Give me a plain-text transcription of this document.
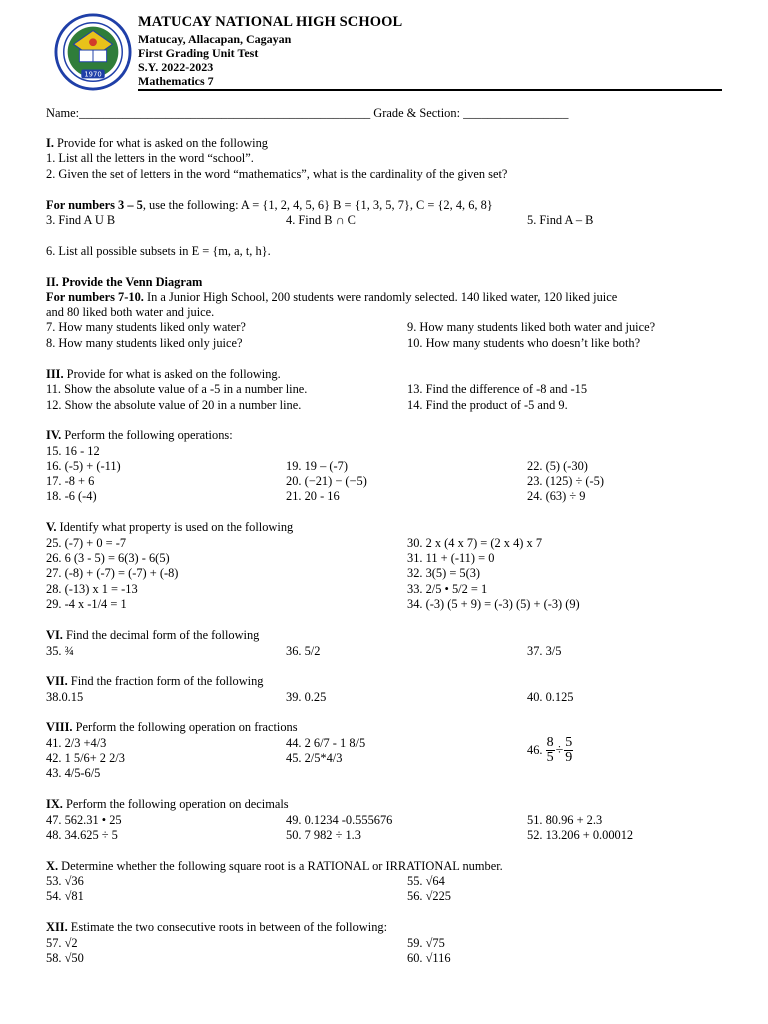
1970
MATUCAY NATIONAL HIGH SCHOOL
Matucay, Allacapan, Cagayan
First Grading Unit Test
S.Y. 2022-2023
Mathematics 7
Name:_______________________________________________ Grade & Section: _________________
I. Provide for what is asked on the following
1. List all the letters in the word “school”.
2. Given the set of letters in the word “mathematics”, what is the cardinality of the given set?
For numbers 3 – 5, use the following: A = {1, 2, 4, 5, 6} B = {1, 3, 5, 7}, C = {2, 4, 6, 8}
3. Find A U B	4. Find B ∩ C	5. Find A – B
6. List all possible subsets in E = {m, a, t, h}.
II. Provide the Venn Diagram
For numbers 7-10. In a Junior High School, 200 students were randomly selected. 140 liked water, 120 liked juice
and 80 liked both water and juice.
7. How many students liked only water?
8. How many students liked only juice?
9. How many students liked both water and juice?
10. How many students who doesn’t like both?
III. Provide for what is asked on the following.
11. Show the absolute value of a -5 in a number line.
12. Show the absolute value of 20 in a number line.
13. Find the difference of -8 and -15
14. Find the product of -5 and 9.
IV. Perform the following operations:
15. 16 - 12
16. (-5) + (-11)
17. -8 + 6
18. -6 (-4)
19. 19 – (-7)
20. (−21) − (−5)
21. 20 - 16
22. (5) (-30)
23. (125) ÷ (-5)
24. (63) ÷ 9
V. Identify what property is used on the following
25. (-7) + 0 = -7
26. 6 (3 - 5) = 6(3) - 6(5)
27. (-8) + (-7) = (-7) + (-8)
28. (-13) x 1 = -13
29. -4 x -1/4 = 1
30. 2 x (4 x 7) = (2 x 4) x 7
31. 11 + (-11) = 0
32. 3(5) = 5(3)
33. 2/5 • 5/2 = 1
34. (-3) (5 + 9) = (-3) (5) + (-3) (9)
VI. Find the decimal form of the following
35. ¾	36. 5/2	37. 3/5
VII. Find the fraction form of the following
38.0.15	39. 0.25	40. 0.125
VIII. Perform the following operation on fractions
41. 2/3 +4/3
42. 1 5/6+ 2 2/3
43. 4/5-6/5
44. 2 6/7 - 1 8/5
45. 2/5*4/3
46. $\frac{8}{5} \div \frac{5}{9}$
IX. Perform the following operation on decimals
47. 562.31 • 25
48. 34.625 ÷ 5
49. 0.1234 -0.555676
50. 7 982 ÷ 1.3
51. 80.96 + 2.3
52. 13.206 + 0.00012
X. Determine whether the following square root is a RATIONAL or IRRATIONAL number.
53. √36
54. √81
55. √64
56. √225
XII. Estimate the two consecutive roots in between of the following:
57. √2
58. √50
59. √75
60. √116
